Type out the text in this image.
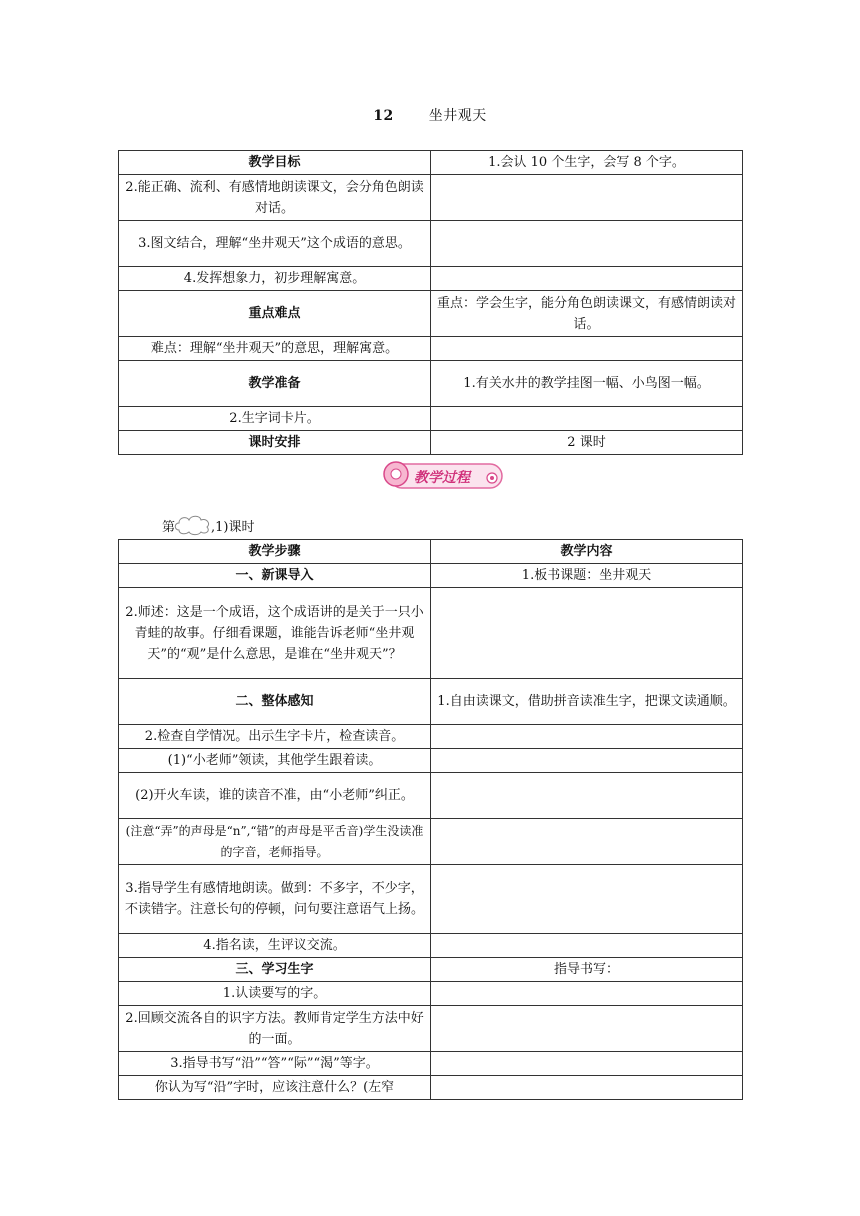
12 坐井观天
教学目标	1.会认 10 个生字，会写 8 个字。
2.能正确、流利、有感情地朗读课文，会分角色朗读对话。	
3.图文结合，理解“坐井观天”这个成语的意思。	
4.发挥想象力，初步理解寓意。	
重点难点	重点：学会生字，能分角色朗读课文，有感情朗读对话。
难点：理解“坐井观天”的意思，理解寓意。	
教学准备	1.有关水井的教学挂图一幅、小鸟图一幅。
2.生字词卡片。	
课时安排	2 课时
教学过程
第	,1)课时
教学步骤	教学内容
一、新课导入	1.板书课题：坐井观天
2.师述：这是一个成语，这个成语讲的是关于一只小青蛙的故事。仔细看课题，谁能告诉老师“坐井观天”的“观”是什么意思，是谁在“坐井观天”？	
二、整体感知	1.自由读课文，借助拼音读准生字，把课文读通顺。
2.检查自学情况。出示生字卡片，检查读音。	
(1)“小老师”领读，其他学生跟着读。	
(2)开火车读，谁的读音不准，由“小老师”纠正。	
(注意“弄”的声母是“n”,“错”的声母是平舌音)学生没读准的字音，老师指导。	
3.指导学生有感情地朗读。做到：不多字，不少字，不读错字。注意长句的停顿，问句要注意语气上扬。	
4.指名读，生评议交流。	
三、学习生字	指导书写：
1.认读要写的字。	
2.回顾交流各自的识字方法。教师肯定学生方法中好的一面。	
3.指导书写“沿”“答”“际”“渴”等字。	
你认为写“沿”字时，应该注意什么？(左窄	
